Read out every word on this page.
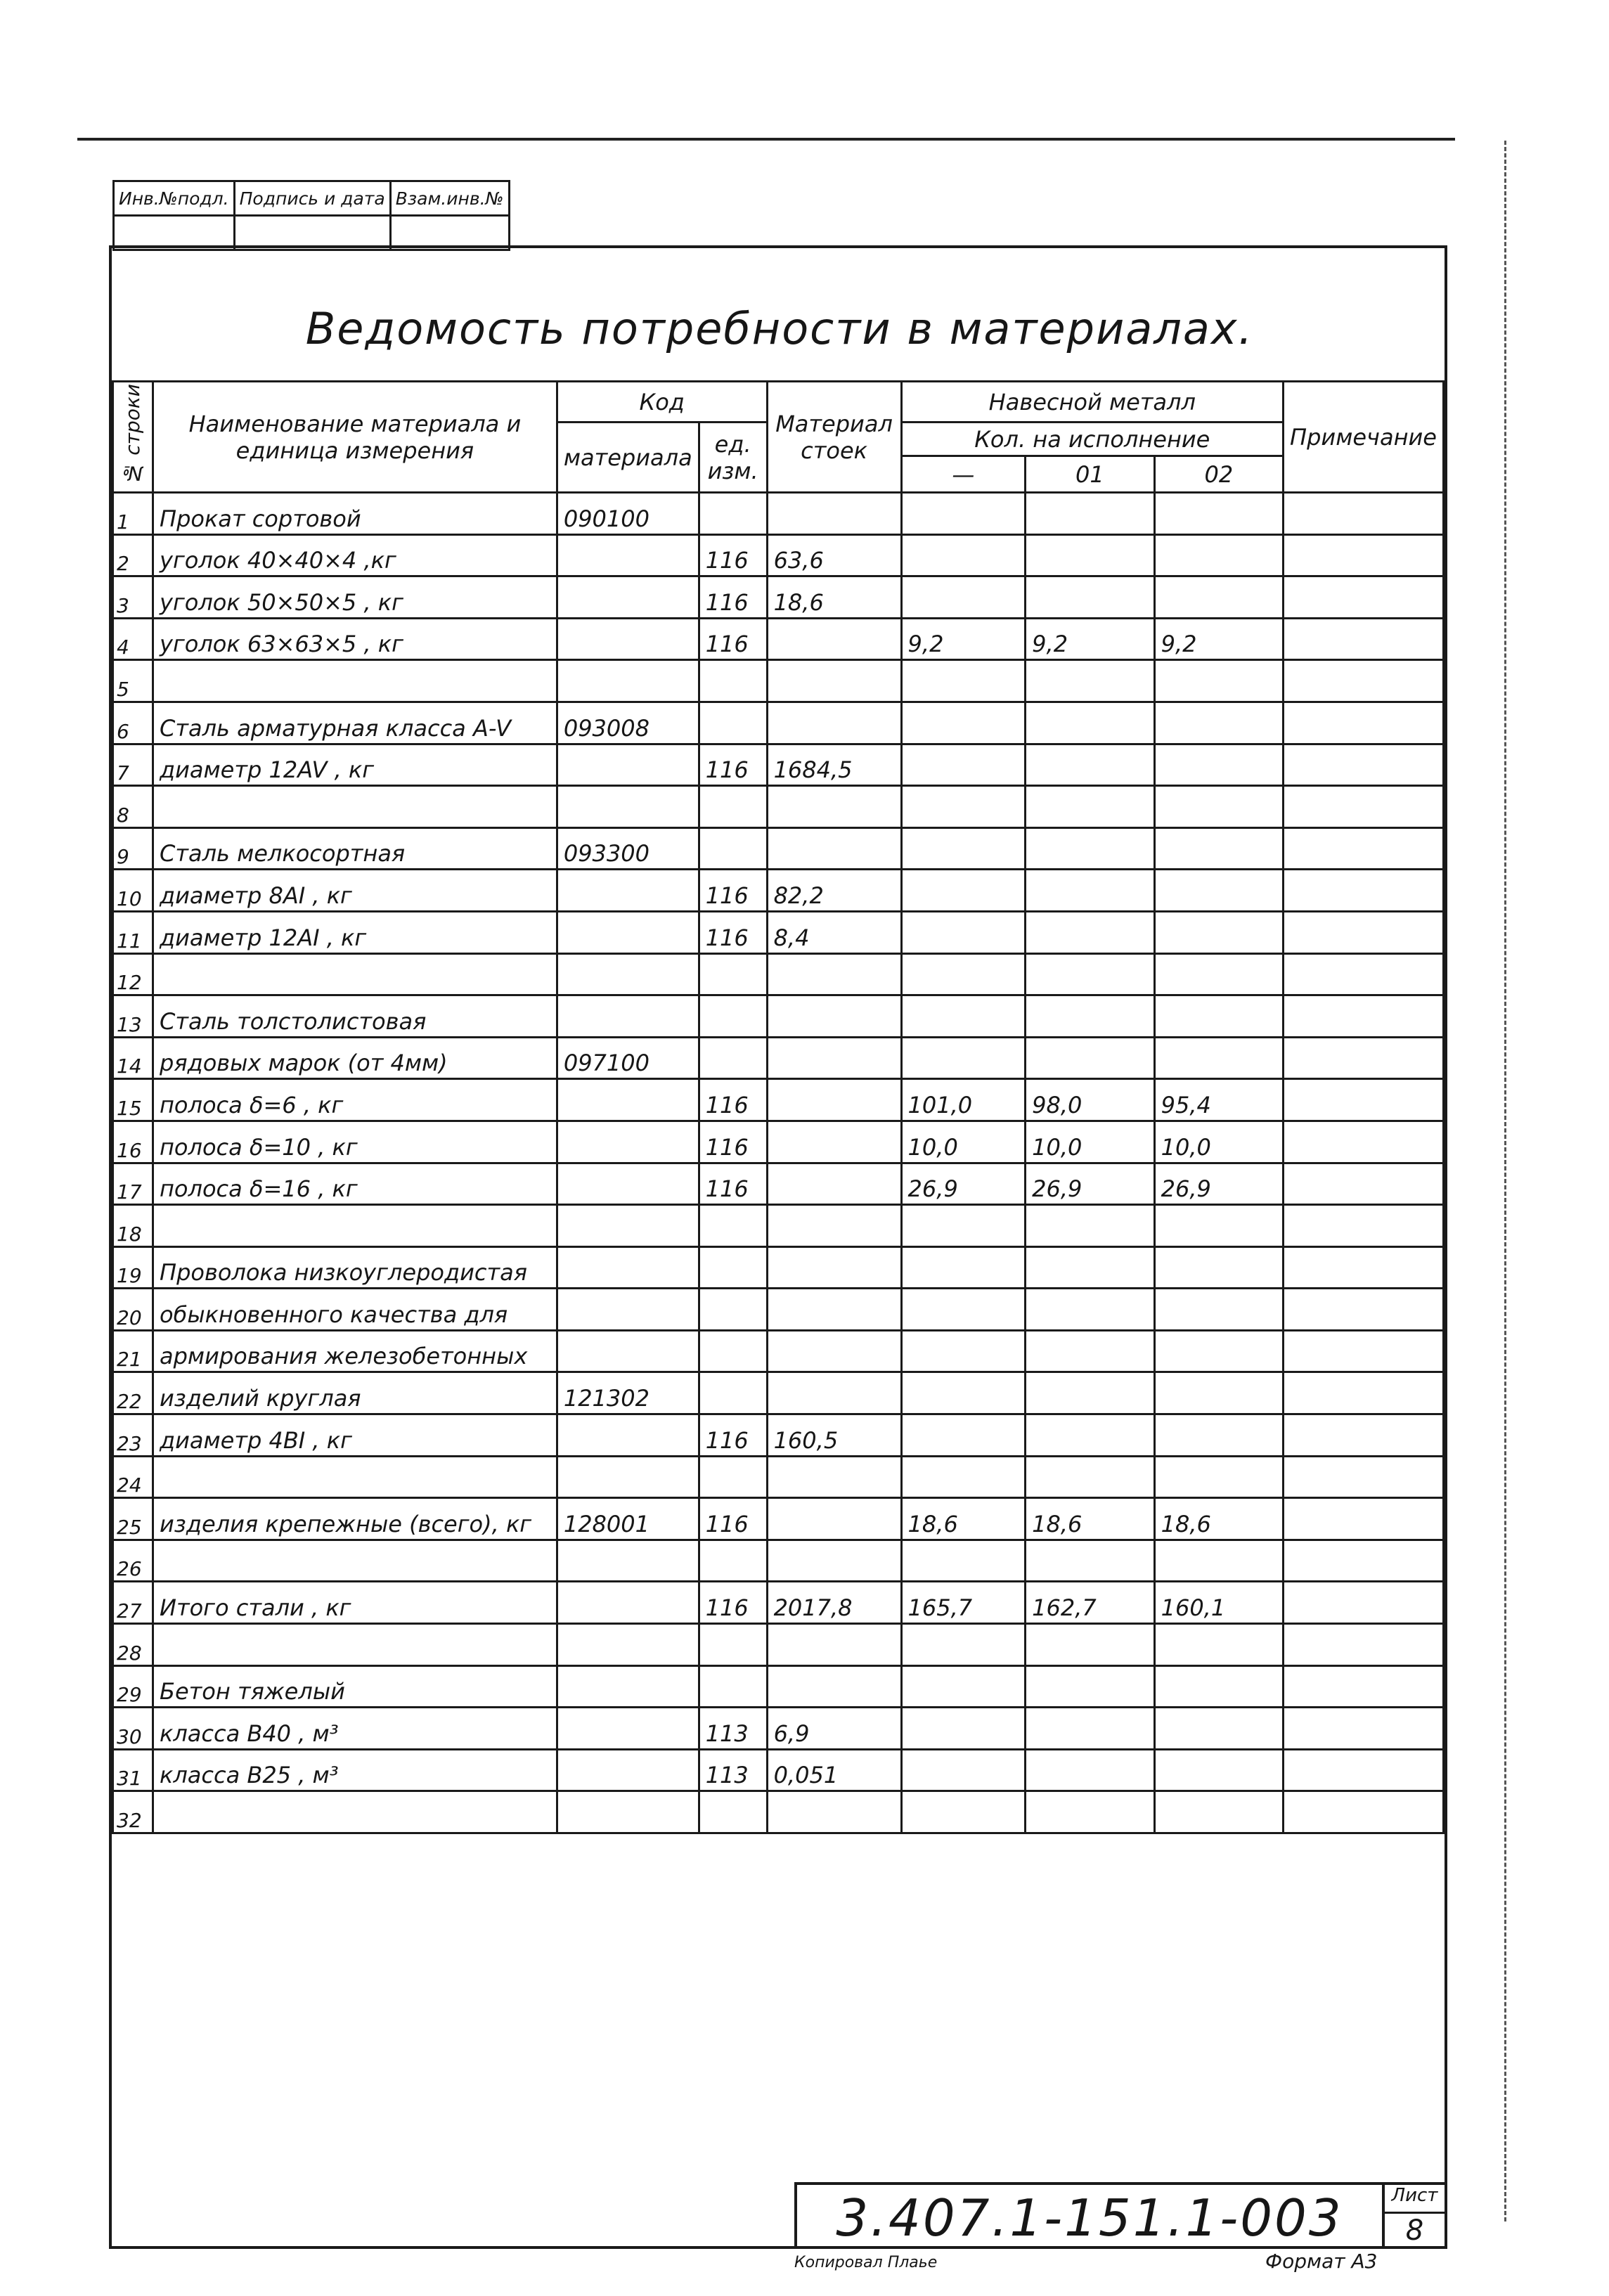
Инв.№подл.	Подпись и дата	Взам.инв.№

Ведомость потребности в материалах.
№ строки	Наименование материала и единица измерения	Код		Материал стоек	Навесной металл			Примечание
		материала	ед. изм.		Кол. на исполнение			
					—	01	02	
1	Прокат сортовой	090100						
2	уголок 40×40×4 ,кг		116	63,6				
3	уголок 50×50×5 , кг		116	18,6				
4	уголок 63×63×5 , кг		116		9,2	9,2	9,2	
5								
6	Сталь арматурная класса A-V	093008						
7	диаметр 12AV , кг		116	1684,5				
8								
9	Сталь мелкосортная	093300						
10	диаметр 8AI , кг		116	82,2				
11	диаметр 12AI , кг		116	8,4				
12								
13	Сталь толстолистовая							
14	рядовых марок (от 4мм)	097100						
15	полоса δ=6 , кг		116		101,0	98,0	95,4	
16	полоса δ=10 , кг		116		10,0	10,0	10,0	
17	полоса δ=16 , кг		116		26,9	26,9	26,9	
18								
19	Проволока низкоуглеродистая							
20	обыкновенного качества для							
21	армирования железобетонных							
22	изделий круглая	121302						
23	диаметр 4BI , кг		116	160,5				
24								
25	изделия крепежные (всего), кг	128001	116		18,6	18,6	18,6	
26								
27	Итого стали , кг		116	2017,8	165,7	162,7	160,1	
28								
29	Бетон тяжелый							
30	класса B40 , м³		113	6,9				
31	класса B25 , м³		113	0,051				
32								
3.407.1-151.1-003	Лист
8
Копировал Плаье	Формат А3
